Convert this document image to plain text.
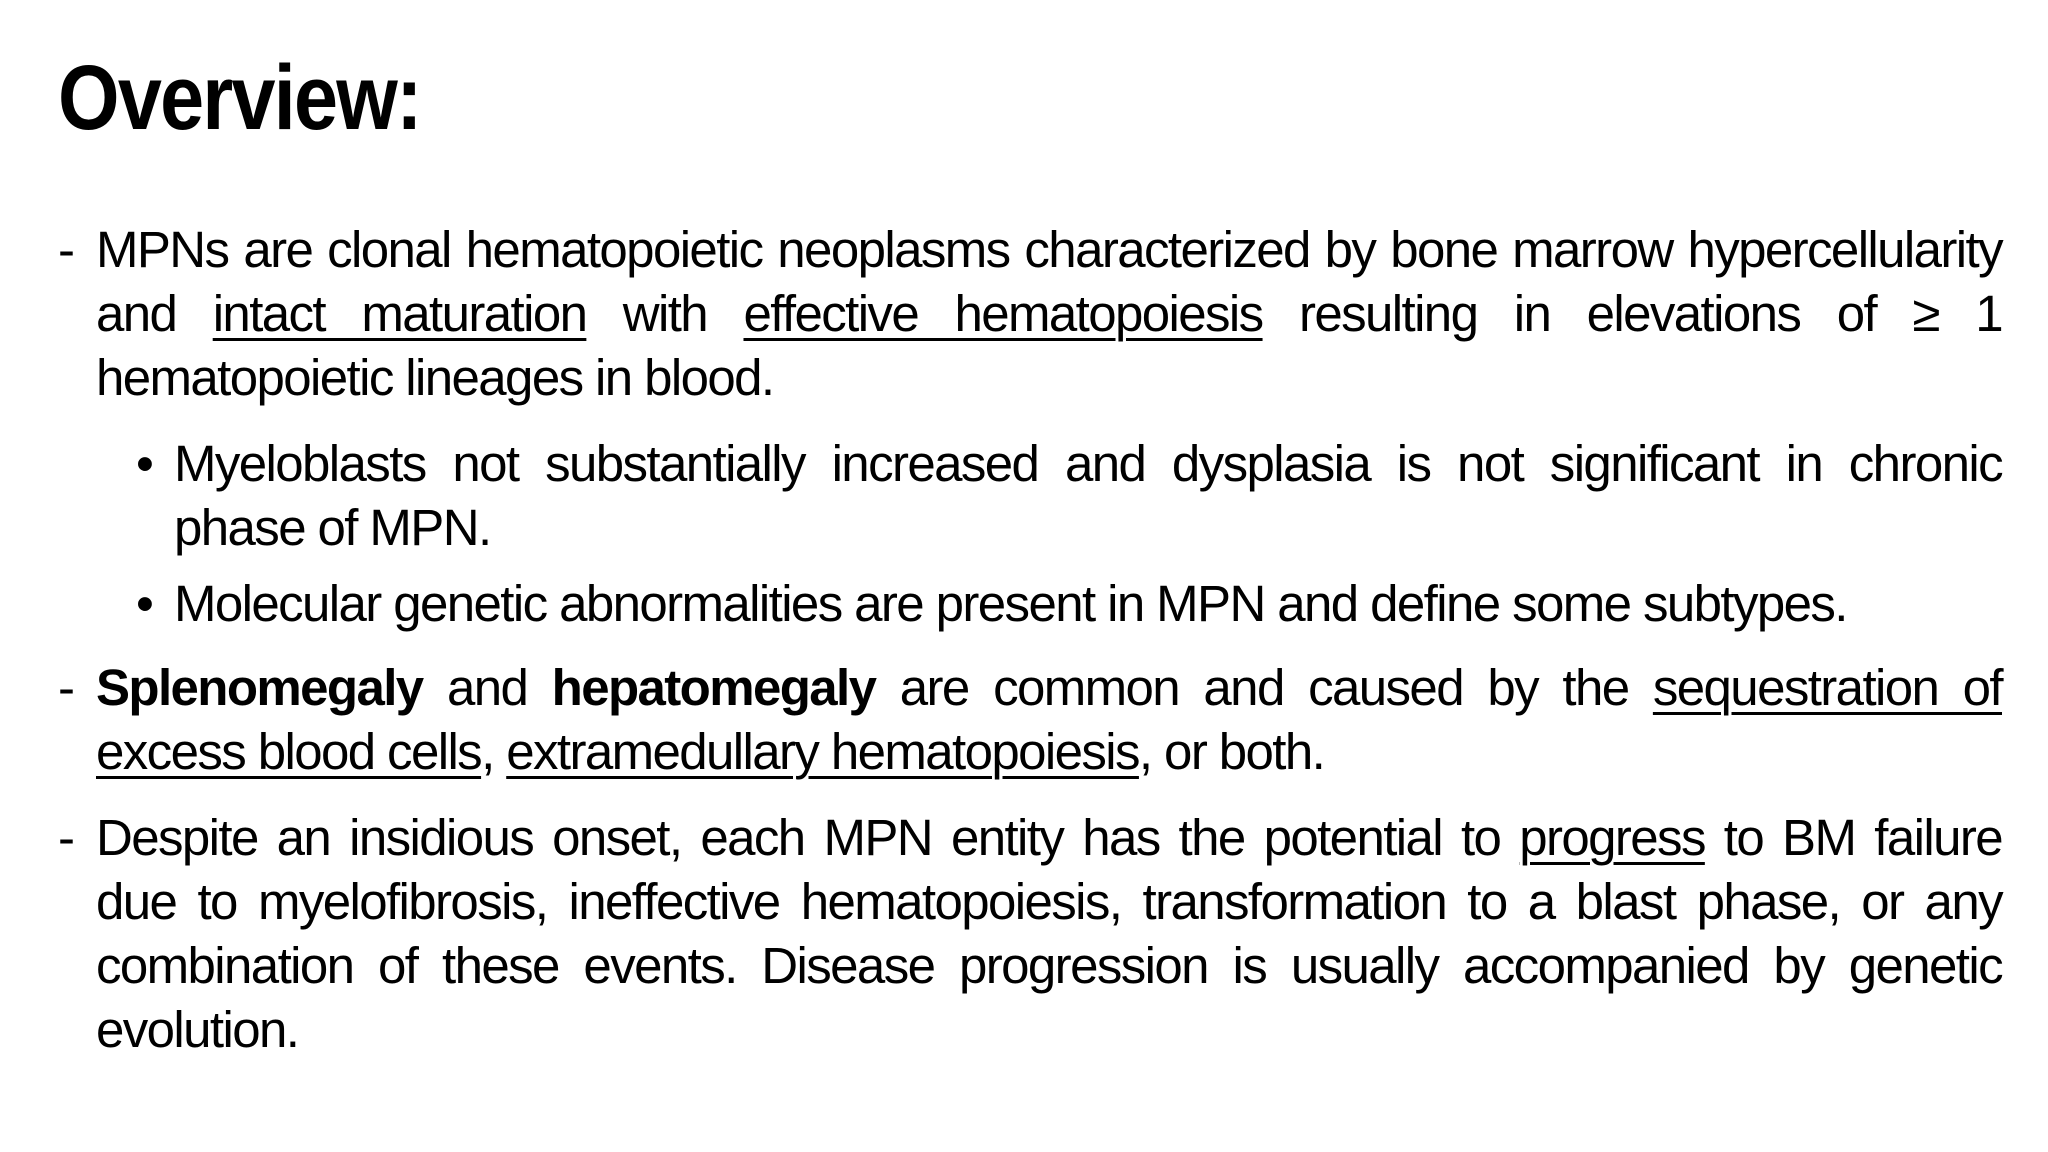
Overview:
- MPNs are clonal hematopoietic neoplasms characterized by bone marrow hypercellularity and intact maturation with effective hematopoiesis resulting in elevations of ≥ 1 hematopoietic lineages in blood.
• Myeloblasts not substantially increased and dysplasia is not significant in chronic phase of MPN.
• Molecular genetic abnormalities are present in MPN and define some subtypes.
- Splenomegaly and hepatomegaly are common and caused by the sequestration of excess blood cells, extramedullary hematopoiesis, or both.
- Despite an insidious onset, each MPN entity has the potential to progress to BM failure due to myelofibrosis, ineffective hematopoiesis, transformation to a blast phase, or any combination of these events. Disease progression is usually accompanied by genetic evolution.
